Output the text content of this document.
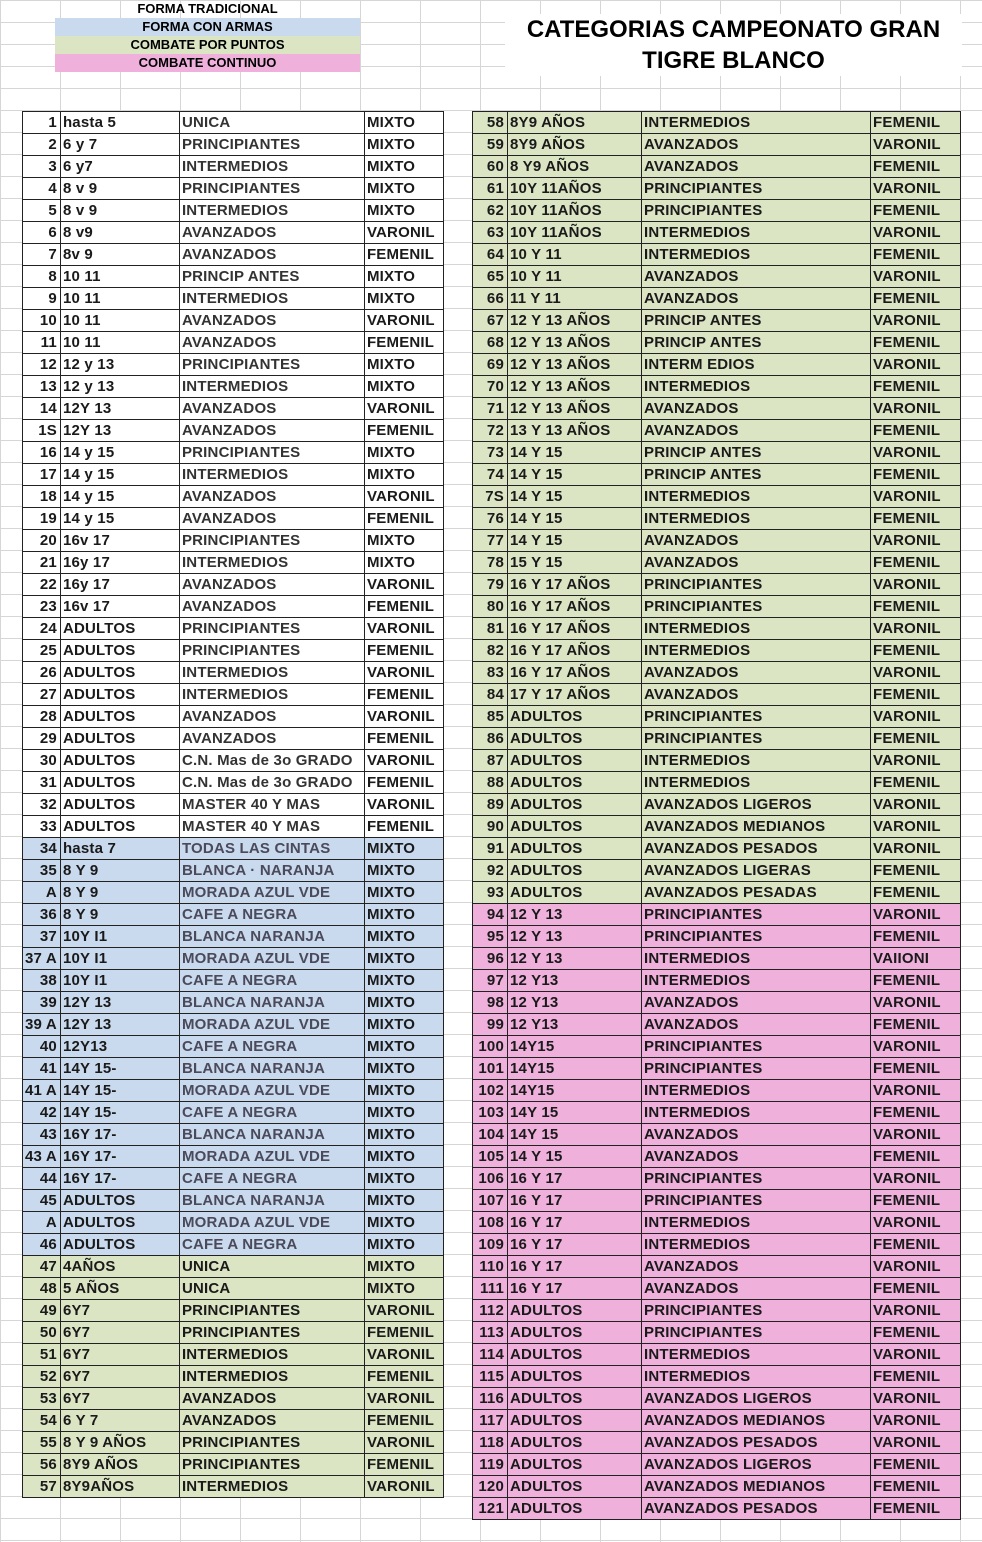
FORMA TRADICIONAL
FORMA CON ARMAS
COMBATE POR PUNTOS
COMBATE CONTINUO
CATEGORIAS CAMPEONATO GRAN TIGRE BLANCO
1	hasta 5	UNICA	MIXTO
2	6 y 7	PRINCIPIANTES	MIXTO
3	6 y7	INTERMEDIOS	MIXTO
4	8 v 9	PRINCIPIANTES	MIXTO
5	8 v 9	INTERMEDIOS	MIXTO
6	8 v9	AVANZADOS	VARONIL
7	8v 9	AVANZADOS	FEMENIL
8	10 11	PRINCIP ANTES	MIXTO
9	10 11	INTERMEDIOS	MIXTO
10	10 11	AVANZADOS	VARONIL
11	10 11	AVANZADOS	FEMENIL
12	12 y 13	PRINCIPIANTES	MIXTO
13	12 y 13	INTERMEDIOS	MIXTO
14	12Y 13	AVANZADOS	VARONIL
1S	12Y 13	AVANZADOS	FEMENIL
16	14 y 15	PRINCIPIANTES	MIXTO
17	14 y 15	INTERMEDIOS	MIXTO
18	14 y 15	AVANZADOS	VARONIL
19	14 y 15	AVANZADOS	FEMENIL
20	16v 17	PRINCIPIANTES	MIXTO
21	16y 17	INTERMEDIOS	MIXTO
22	16y 17	AVANZADOS	VARONIL
23	16v 17	AVANZADOS	FEMENIL
24	ADULTOS	PRINCIPIANTES	VARONIL
25	ADULTOS	PRINCIPIANTES	FEMENIL
26	ADULTOS	INTERMEDIOS	VARONIL
27	ADULTOS	INTERMEDIOS	FEMENIL
28	ADULTOS	AVANZADOS	VARONIL
29	ADULTOS	AVANZADOS	FEMENIL
30	ADULTOS	C.N. Mas de 3o GRADO	VARONIL
31	ADULTOS	C.N. Mas de 3o GRADO	FEMENIL
32	ADULTOS	MASTER 40 Y MAS	VARONIL
33	ADULTOS	MASTER 40 Y MAS	FEMENIL
34	hasta 7	TODAS LAS CINTAS	MIXTO
35	8 Y 9	BLANCA · NARANJA	MIXTO
A	8 Y 9	MORADA AZUL VDE	MIXTO
36	8 Y 9	CAFE A NEGRA	MIXTO
37	10Y I1	BLANCA NARANJA	MIXTO
37 A	10Y I1	MORADA AZUL VDE	MIXTO
38	10Y I1	CAFE A NEGRA	MIXTO
39	12Y 13	BLANCA NARANJA	MIXTO
39 A	12Y 13	MORADA AZUL VDE	MIXTO
40	12Y13	CAFE A NEGRA	MIXTO
41	14Y 15-	BLANCA NARANJA	MIXTO
41 A	14Y 15-	MORADA AZUL VDE	MIXTO
42	14Y 15-	CAFE A NEGRA	MIXTO
43	16Y 17-	BLANCA NARANJA	MIXTO
43 A	16Y 17-	MORADA AZUL VDE	MIXTO
44	16Y 17-	CAFE A NEGRA	MIXTO
45	ADULTOS	BLANCA NARANJA	MIXTO
A	ADULTOS	MORADA AZUL VDE	MIXTO
46	ADULTOS	CAFE A NEGRA	MIXTO
47	4AÑOS	UNICA	MIXTO
48	5 AÑOS	UNICA	MIXTO
49	6Y7	PRINCIPIANTES	VARONIL
50	6Y7	PRINCIPIANTES	FEMENIL
51	6Y7	INTERMEDIOS	VARONIL
52	6Y7	INTERMEDIOS	FEMENIL
53	6Y7	AVANZADOS	VARONIL
54	6 Y 7	AVANZADOS	FEMENIL
55	8 Y 9 AÑOS	PRINCIPIANTES	VARONIL
56	8Y9 AÑOS	PRINCIPIANTES	FEMENIL
57	8Y9AÑOS	INTERMEDIOS	VARONIL
58	8Y9 AÑOS	INTERMEDIOS	FEMENIL
59	8Y9 AÑOS	AVANZADOS	VARONIL
60	8 Y9 AÑOS	AVANZADOS	FEMENIL
61	10Y 11AÑOS	PRINCIPIANTES	VARONIL
62	10Y 11AÑOS	PRINCIPIANTES	FEMENIL
63	10Y 11AÑOS	INTERMEDIOS	VARONIL
64	10 Y 11	INTERMEDIOS	FEMENIL
65	10 Y 11	AVANZADOS	VARONIL
66	11 Y 11	AVANZADOS	FEMENIL
67	12 Y 13 AÑOS	PRINCIP ANTES	VARONIL
68	12 Y 13 AÑOS	PRINCIP ANTES	FEMENIL
69	12 Y 13 AÑOS	INTERM EDIOS	VARONIL
70	12 Y 13 AÑOS	INTERMEDIOS	FEMENIL
71	12 Y 13 AÑOS	AVANZADOS	VARONIL
72	13 Y 13 AÑOS	AVANZADOS	FEMENIL
73	14 Y 15	PRINCIP ANTES	VARONIL
74	14 Y 15	PRINCIP ANTES	FEMENIL
7S	14 Y 15	INTERMEDIOS	VARONIL
76	14 Y 15	INTERMEDIOS	FEMENIL
77	14 Y 15	AVANZADOS	VARONIL
78	15 Y 15	AVANZADOS	FEMENIL
79	16 Y 17 AÑOS	PRINCIPIANTES	VARONIL
80	16 Y 17 AÑOS	PRINCIPIANTES	FEMENIL
81	16 Y 17 AÑOS	INTERMEDIOS	VARONIL
82	16 Y 17 AÑOS	INTERMEDIOS	FEMENIL
83	16 Y 17 AÑOS	AVANZADOS	VARONIL
84	17 Y 17 AÑOS	AVANZADOS	FEMENIL
85	ADULTOS	PRINCIPIANTES	VARONIL
86	ADULTOS	PRINCIPIANTES	FEMENIL
87	ADULTOS	INTERMEDIOS	VARONIL
88	ADULTOS	INTERMEDIOS	FEMENIL
89	ADULTOS	AVANZADOS LIGEROS	VARONIL
90	ADULTOS	AVANZADOS MEDIANOS	VARONIL
91	ADULTOS	AVANZADOS PESADOS	VARONIL
92	ADULTOS	AVANZADOS LIGERAS	FEMENIL
93	ADULTOS	AVANZADOS PESADAS	FEMENIL
94	12 Y 13	PRINCIPIANTES	VARONIL
95	12 Y 13	PRINCIPIANTES	FEMENIL
96	12 Y 13	INTERMEDIOS	VAIIONI
97	12 Y13	INTERMEDIOS	FEMENIL
98	12 Y13	AVANZADOS	VARONIL
99	12 Y13	AVANZADOS	FEMENIL
100	14Y15	PRINCIPIANTES	VARONIL
101	14Y15	PRINCIPIANTES	FEMENIL
102	14Y15	INTERMEDIOS	VARONIL
103	14Y 15	INTERMEDIOS	FEMENIL
104	14Y 15	AVANZADOS	VARONIL
105	14 Y 15	AVANZADOS	FEMENIL
106	16 Y 17	PRINCIPIANTES	VARONIL
107	16 Y 17	PRINCIPIANTES	FEMENIL
108	16 Y 17	INTERMEDIOS	VARONIL
109	16 Y 17	INTERMEDIOS	FEMENIL
110	16 Y 17	AVANZADOS	VARONIL
111	16 Y 17	AVANZADOS	FEMENIL
112	ADULTOS	PRINCIPIANTES	VARONIL
113	ADULTOS	PRINCIPIANTES	FEMENIL
114	ADULTOS	INTERMEDIOS	VARONIL
115	ADULTOS	INTERMEDIOS	FEMENIL
116	ADULTOS	AVANZADOS LIGEROS	VARONIL
117	ADULTOS	AVANZADOS MEDIANOS	VARONIL
118	ADULTOS	AVANZADOS PESADOS	VARONIL
119	ADULTOS	AVANZADOS LIGEROS	FEMENIL
120	ADULTOS	AVANZADOS MEDIANOS	FEMENIL
121	ADULTOS	AVANZADOS PESADOS	FEMENIL
